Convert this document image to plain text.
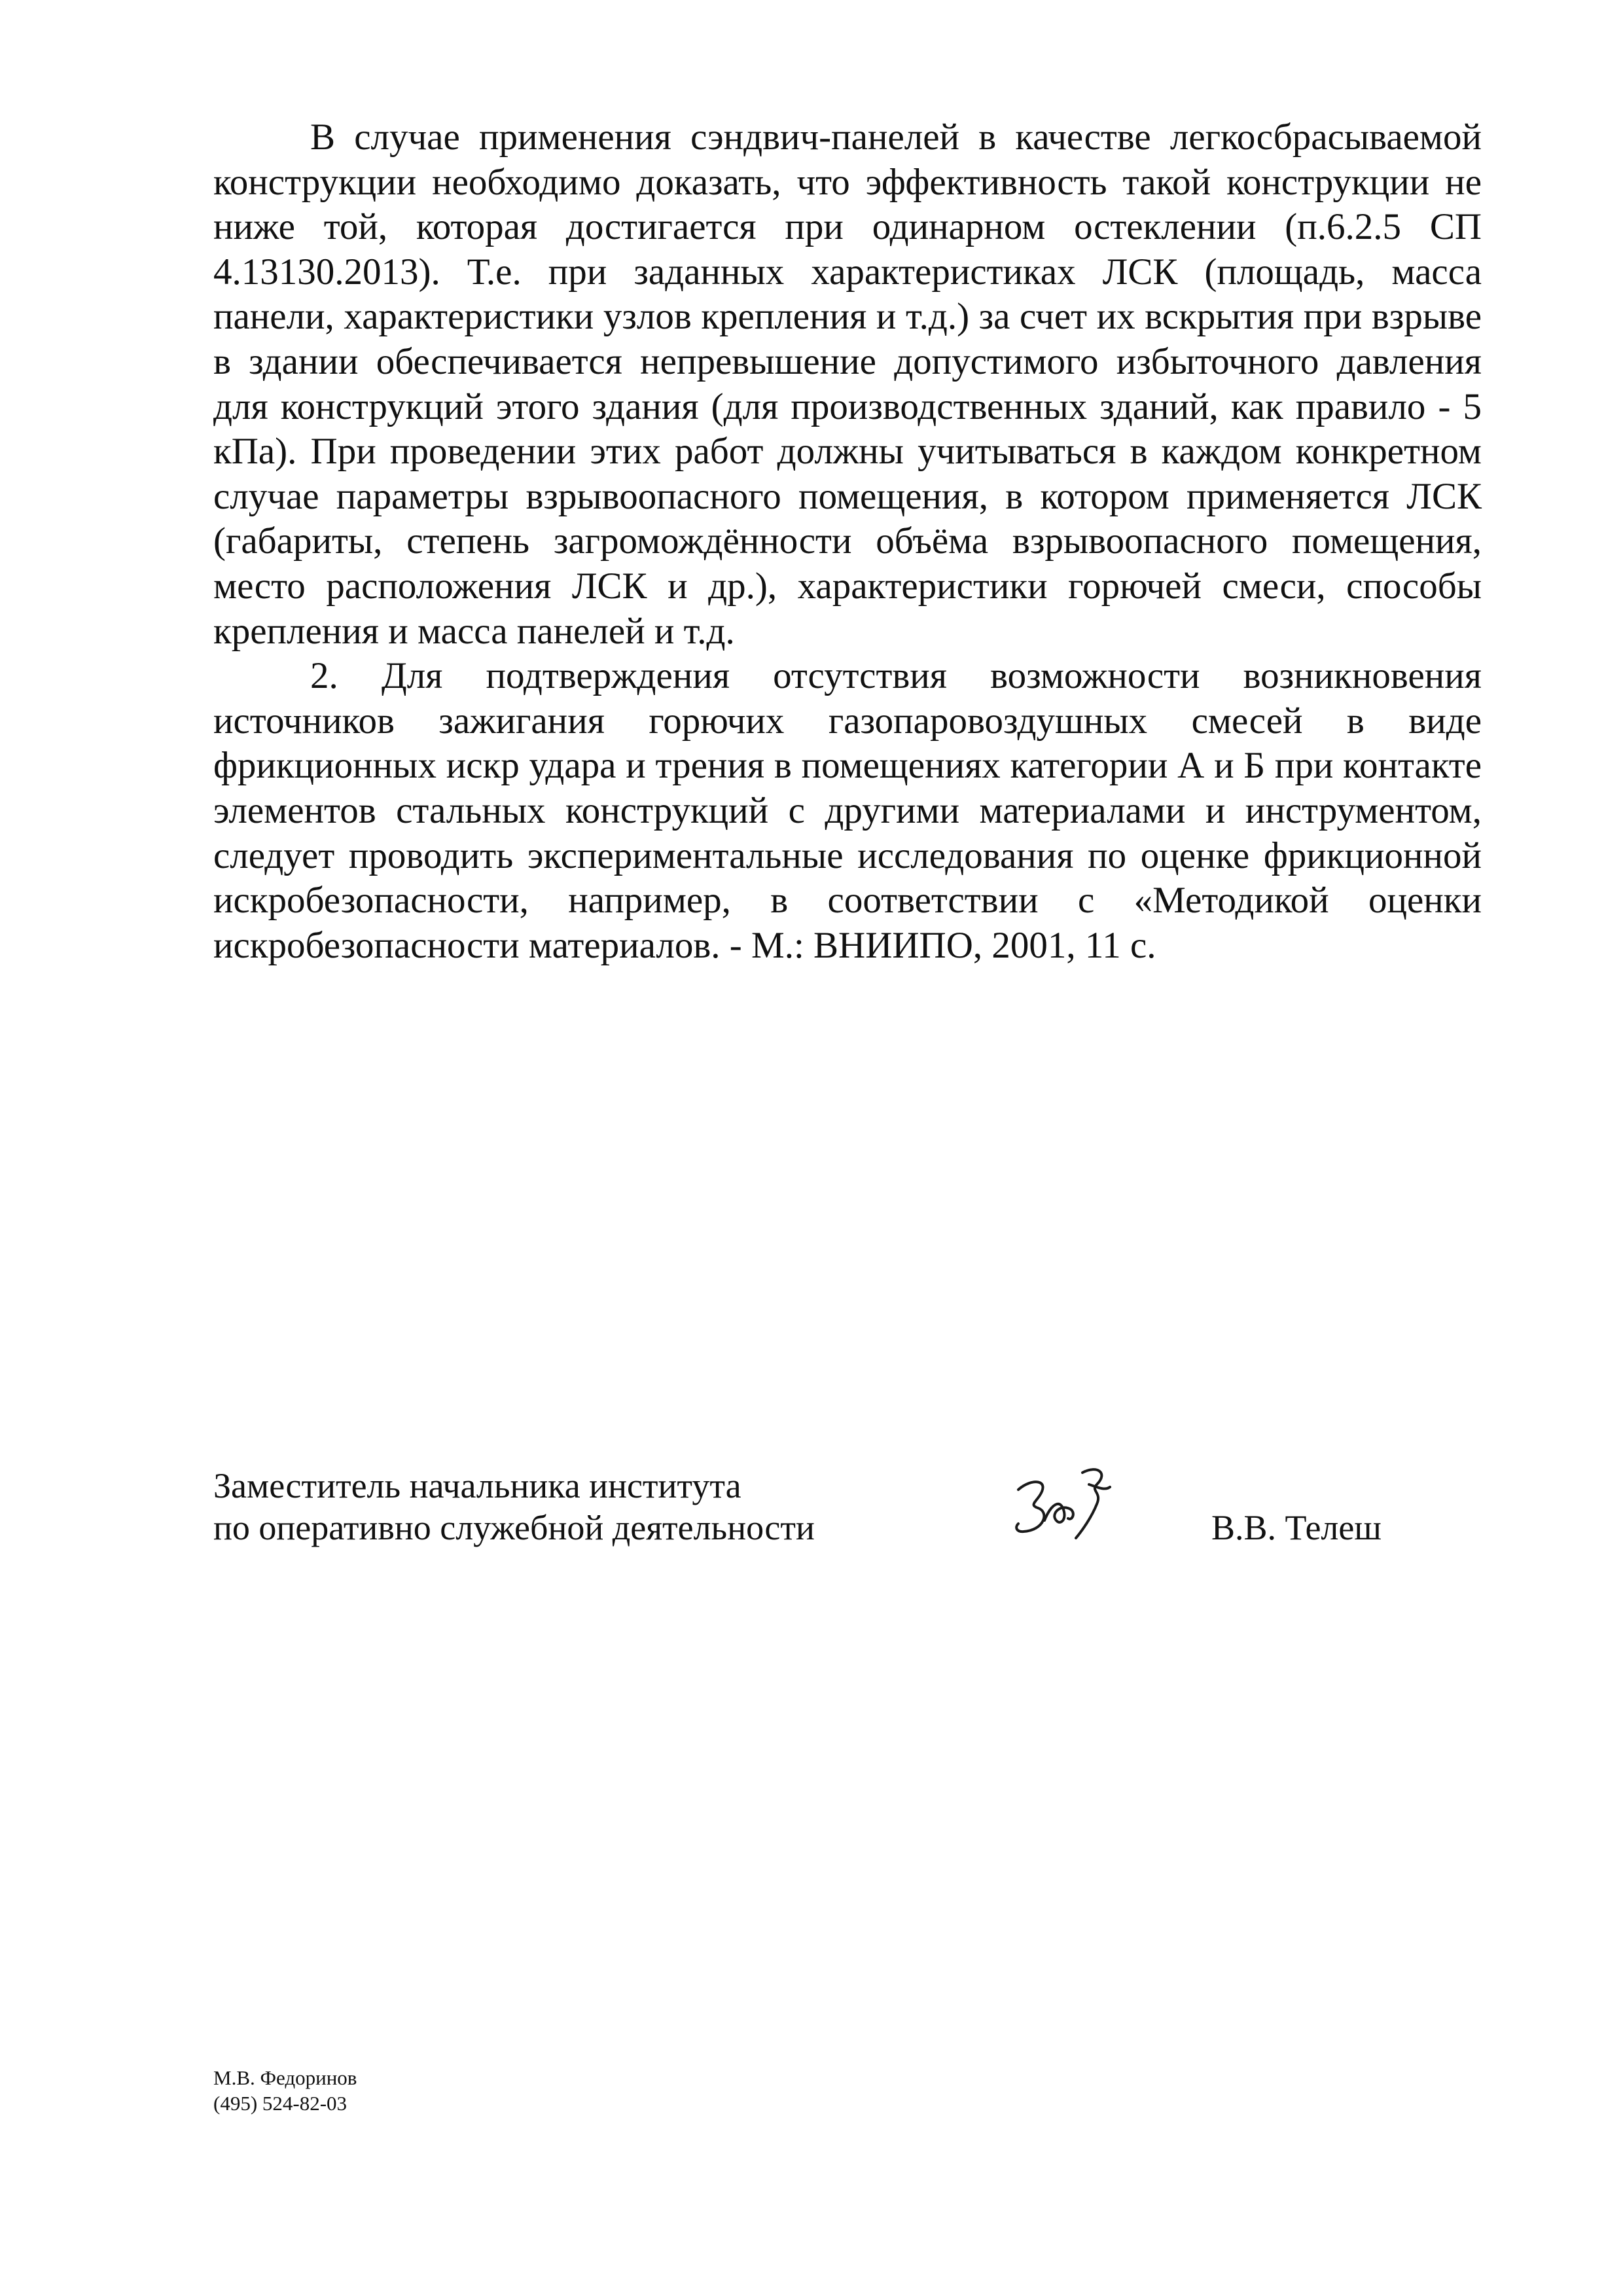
В случае применения сэндвич-панелей в качестве легкосбрасываемой конструкции необходимо доказать, что эффективность такой конструкции не ниже той, которая достигается при одинарном остеклении (п.6.2.5 СП 4.13130.2013). Т.е. при заданных характеристиках ЛСК (площадь, масса панели, характеристики узлов крепления и т.д.) за счет их вскрытия при взрыве в здании обеспечивается непревышение допустимого избыточного давления для конструкций этого здания (для производственных зданий, как правило - 5 кПа). При проведении этих работ должны учитываться в каждом конкретном случае параметры взрывоопасного помещения, в котором применяется ЛСК (габариты, степень загромождённости объёма взрывоопасного помещения, место расположения ЛСК и др.), характеристики горючей смеси, способы крепления и масса панелей и т.д.

2. Для подтверждения отсутствия возможности возникновения источников зажигания горючих газопаровоздушных смесей в виде фрикционных искр удара и трения в помещениях категории А и Б при контакте элементов стальных конструкций с другими материалами и инструментом, следует проводить экспериментальные исследования по оценке фрикционной искробезопасности, например, в соответствии с «Методикой оценки искробезопасности материалов. - М.: ВНИИПО, 2001, 11 с.

Заместитель начальника института
по оперативно служебной деятельности	В.В. Телеш
М.В. Федоринов
(495) 524-82-03
